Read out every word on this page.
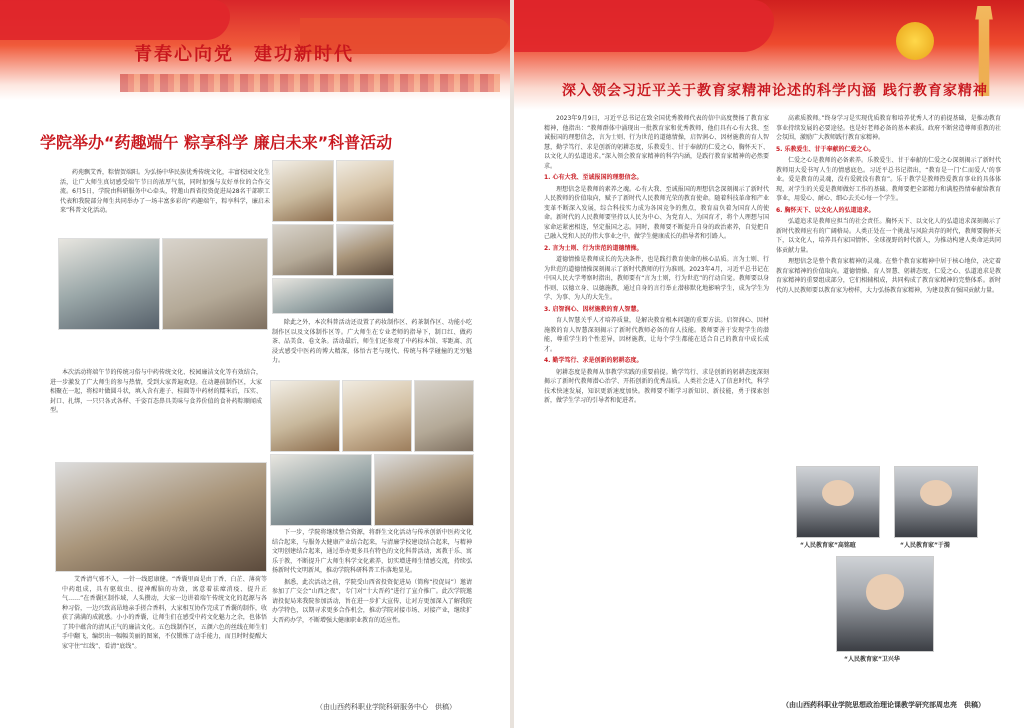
青春心向党　建功新时代
学院举办“药趣端午 粽享科学 廉启未来”科普活动

药苑飘艾香，粽情贺端阳。为弘扬中华民族优秀传统文化，丰富校园文化生活，让广大师生真切感受端午节日的浓厚气氛，同时加强与友好单位的合作交流。6月5日，学院由科研服务中心牵头，特邀山西省投资促进局28名干部职工代表和我院部分师生共同举办了一场丰富多彩的“药趣端午，粽享科学，廉启未来”科普文化活动。

本次活动将端午节的传统习俗与中药传统文化、校园廉洁文化等有效结合，进一步激发了广大师生的参与热情，受到大家普遍欢迎。在动趣前制作区，大家相聚在一起，将棕叶做圆斗状，填入含有莲子、桂圆等中药材的糯米后，压实、封口、扎绑，一只只各式各样、千姿百态鼻具美味与食养价值的食补药粽顺闻成型。

艾香清气邪不入，一针一线愿康健。“香囊里面是由丁香、白芷、薄荷等中药组成，具有驱蚊虫、提神醒脑的功效，寓意着祛瘴消疫、提升正气……”在香囊区制作域，人头攒动，大家一边讲着端午传统文化的起源与各种习俗，一边兴致高昂地亲手搓合香料，大家相互协作完成了香囊的制作，收获了满满的成就感。小小的香囊，让师生们在感受中药文化魅力之余，也体悟了其中蕴含的清风正气的廉洁文化。五色线制作区，五颜六色的丝线在师生们手中翻飞，编织出一幅幅美丽的图案，不仅锻炼了动手能力，而且时时提醒大家守住“红线”、看清“底线”。

除此之外，本次科普活动还设置了药妆制作区、药茶制作区、功能小吃制作区以及文体制作区等。广大师生在专业老师的指导下，制口红、做药茶、品美食、卷文条。活动最后，师生们还参观了中药标本馆、零距离、沉浸式感受中医药的博大精深，体悟古老与现代、传统与科学碰撞的无穷魅力。

下一步，学院将继续整合资源，将群生文化活动与传承创新中医药文化结合起来，与服务大健康产业结合起来，与清廉学校建设结合起来，与精神文明创建结合起来，通过举办更多具有特色的文化科普活动，寓教于乐、寓乐于教，不断提升广大师生科学文化素养，切实增进师生情感交流，持续弘扬新时代文明新风，推动学院科研科普工作落地显见。

据悉，此次活动之前，学院受山西省投资促进局（简称“投促局”）邀请参加了广交会“山西之夜”，专门对“十大晋药”进行了宣介推广。此次学院邀请投促局来我院参加活动，旨在进一步扩大宣传，让对方更加深入了解我院办学特色，以期寻求更多合作机会，推动学院对接市场、对接产业，继续扩大晋药办学，不断增强大健康职业教育的适应性。

（由山西药科职业学院科研服务中心　供稿）
深入领会习近平关于教育家精神论述的科学内涵 践行教育家精神

2023年9月9日，习近平总书记在致全国优秀教师代表的信中高度赞扬了教育家精神，他指出：“教师群体中涌现出一批教育家和优秀教师，他们具有心有大我、至诚报国的理想信念，言为士则、行为世范的道德情操，启智润心、因材施教的育人智慧，勤学笃行、求是创新的躬耕态度，乐教爱生、甘于奉献的仁爱之心，胸怀天下、以文化人的弘道追求。”深入领会教育家精神的科学内涵，是践行教育家精神的必然要求。

1. 心有大我、至诚报国的理想信念。

理想信念是教师的素养之魂。心有大我、至诚报国的理想信念深刻揭示了新时代人民教师的价值取向，赋予了新时代人民教师光荣的教育使命。随着科技革命和产业变革不断深入发展，综合科技实力成为各国竞争的焦点，教育肩负着为国育人的使命。新时代的人民教师要坚持以人民为中心、为党育人、为国育才，将个人理想与国家命运紧密相连，坚定报国之志。同时，教师要不断提升自身的政治素养，自觉把自己融入党和人民的伟大事业之中，做学生健康成长的指导者和引路人。

2. 言为士则、行为世范的道德情操。

道德情操是教师成长的先决条件，也是践行教育使命的核心品质。言为士则、行为世范的道德情操深刻揭示了新时代教师的行为准则。2023年4月，习近平总书记在中国人民大学考察时指出，教师要有“言为士则，行为世范”的行动自觉。教师要以身作则、以德立身、以德施教，通过自身的言行举止潜移默化地影响学生，成为学生为学、为事、为人的大先生。

3. 启智润心、因材施教的育人智慧。

育人智慧关乎人才培养质量，是解决教育根本问题的重要方法。启智润心、因材施教的育人智慧深刻揭示了新时代教师必备的育人技能。教师要善于发现学生的潜能，尊重学生的个性差异，因材施教，让每个学生都能在适合自己的教育中成长成才。

4. 勤学笃行、求是创新的躬耕态度。

躬耕态度是教师从事教学实践的重要前提。勤学笃行、求是创新的躬耕态度深刻揭示了新时代教师潜心治学、开拓创新的优秀品质。人类社会进入了信息时代，科学技术快速发展，知识更新速度加快。教师要不断学习新知识、新技能，勇于探索创新，做学生学习的引导者和促进者。

高素质教师。”终身学习是实现优质教育和培养优秀人才的前提基础，是推动教育事业持续发展的必要途径。也是好老师必备的基本素质。政府不断营造尊师重教的社会氛围，激励广大教师践行教育家精神。

5. 乐教爱生、甘于奉献的仁爱之心。

仁爱之心是教师的必备素养。乐教爱生、甘于奉献的仁爱之心深刻揭示了新时代教师用大爱书写人生的情感底色。习近平总书记指出，“教育是一门‘仁而爱人’的事业。爱是教育的灵魂，没有爱就没有教育”。乐于教学是教师热爱教育事业的具体体现，对学生的关爱是教师做好工作的基础。教师要把全部精力和满腔热情奉献给教育事业，用爱心、耐心、细心去关心每一个学生。

6. 胸怀天下、以文化人的弘道追求。

弘道追求是教师应担当的社会责任。胸怀天下、以文化人的弘道追求深刻揭示了新时代教师应有的广阔格局。人类正处在一个挑战与风险共存的时代，教师要胸怀天下，以文化人，培养具有家国情怀、全球视野的时代新人，为推动构建人类命运共同体贡献力量。

理想信念是整个教育家精神的灵魂。在整个教育家精神中居于核心地位，决定着教育家精神的价值取向。道德情操、育人智慧、躬耕态度、仁爱之心、弘道追求是教育家精神的重要组成部分，它们相辅相成，共同构成了教育家精神的完整体系。新时代的人民教师要以教育家为榜样，大力弘扬教育家精神，为建设教育强国贡献力量。

“人民教育家”高铭暄	“人民教育家”于漪
“人民教育家”卫兴华
（由山西药科职业学院思想政治理论课教学研究部周忠亮　供稿）
